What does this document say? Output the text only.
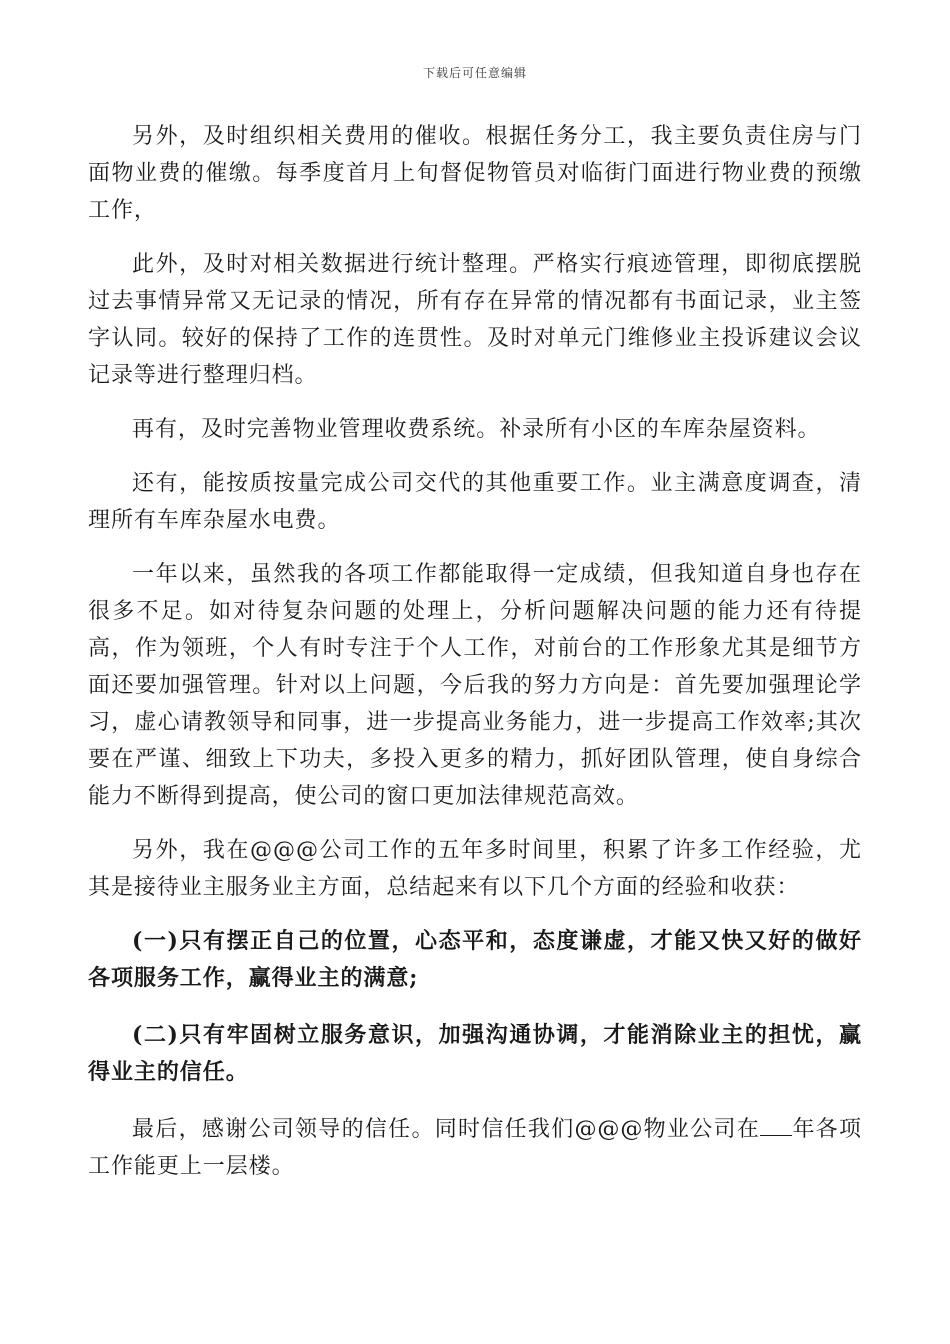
下载后可任意编辑

另外，及时组织相关费用的催收。根据任务分工，我主要负责住房与门面物业费的催缴。每季度首月上旬督促物管员对临街门面进行物业费的预缴工作，

此外，及时对相关数据进行统计整理。严格实行痕迹管理，即彻底摆脱过去事情异常又无记录的情况，所有存在异常的情况都有书面记录，业主签字认同。较好的保持了工作的连贯性。及时对单元门维修业主投诉建议会议记录等进行整理归档。

再有，及时完善物业管理收费系统。补录所有小区的车库杂屋资料。

还有，能按质按量完成公司交代的其他重要工作。业主满意度调查，清理所有车库杂屋水电费。

一年以来，虽然我的各项工作都能取得一定成绩，但我知道自身也存在很多不足。如对待复杂问题的处理上，分析问题解决问题的能力还有待提高，作为领班，个人有时专注于个人工作，对前台的工作形象尤其是细节方面还要加强管理。针对以上问题，今后我的努力方向是：首先要加强理论学习，虚心请教领导和同事，进一步提高业务能力，进一步提高工作效率;其次要在严谨、细致上下功夫，多投入更多的精力，抓好团队管理，使自身综合能力不断得到提高，使公司的窗口更加法律规范高效。

另外，我在@@@公司工作的五年多时间里，积累了许多工作经验，尤其是接待业主服务业主方面，总结起来有以下几个方面的经验和收获：

(一)只有摆正自己的位置，心态平和，态度谦虚，才能又快又好的做好各项服务工作，赢得业主的满意;

(二)只有牢固树立服务意识，加强沟通协调，才能消除业主的担忧，赢得业主的信任。

最后，感谢公司领导的信任。同时信任我们@@@物业公司在 年各项工作能更上一层楼。
